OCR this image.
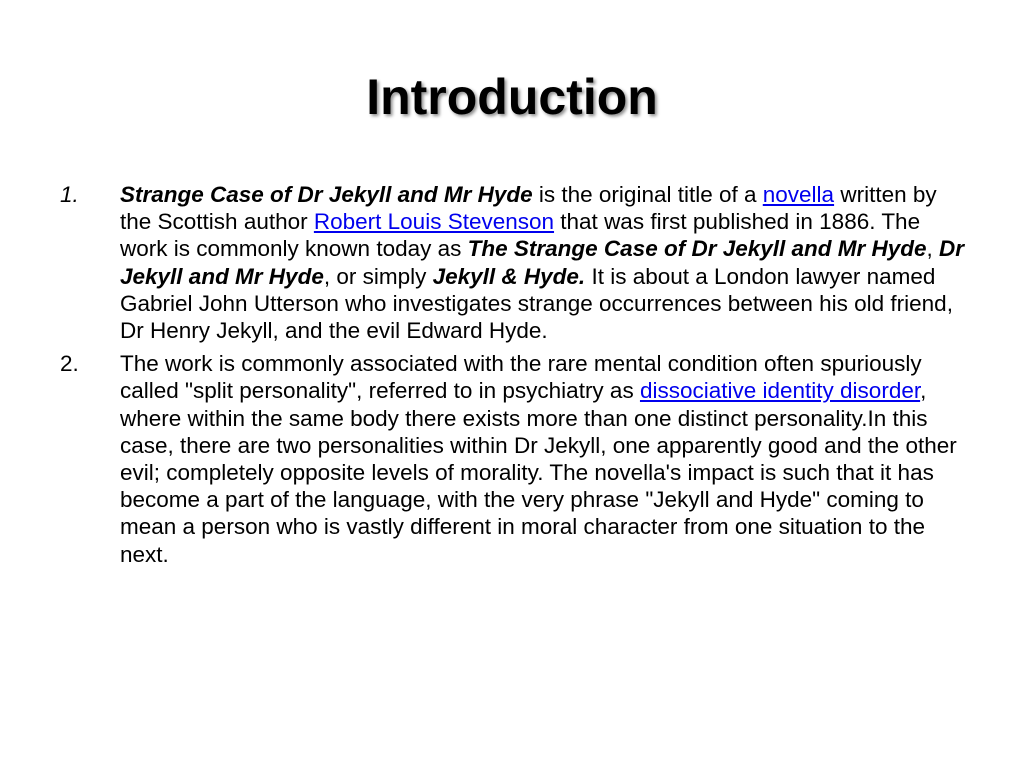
Introduction
1. Strange Case of Dr Jekyll and Mr Hyde is the original title of a novella written by the Scottish author Robert Louis Stevenson that was first published in 1886. The work is commonly known today as The Strange Case of Dr Jekyll and Mr Hyde, Dr Jekyll and Mr Hyde, or simply Jekyll & Hyde. It is about a London lawyer named Gabriel John Utterson who investigates strange occurrences between his old friend, Dr Henry Jekyll, and the evil Edward Hyde.
2. The work is commonly associated with the rare mental condition often spuriously called "split personality", referred to in psychiatry as dissociative identity disorder, where within the same body there exists more than one distinct personality.In this case, there are two personalities within Dr Jekyll, one apparently good and the other evil; completely opposite levels of morality. The novella's impact is such that it has become a part of the language, with the very phrase "Jekyll and Hyde" coming to mean a person who is vastly different in moral character from one situation to the next.
